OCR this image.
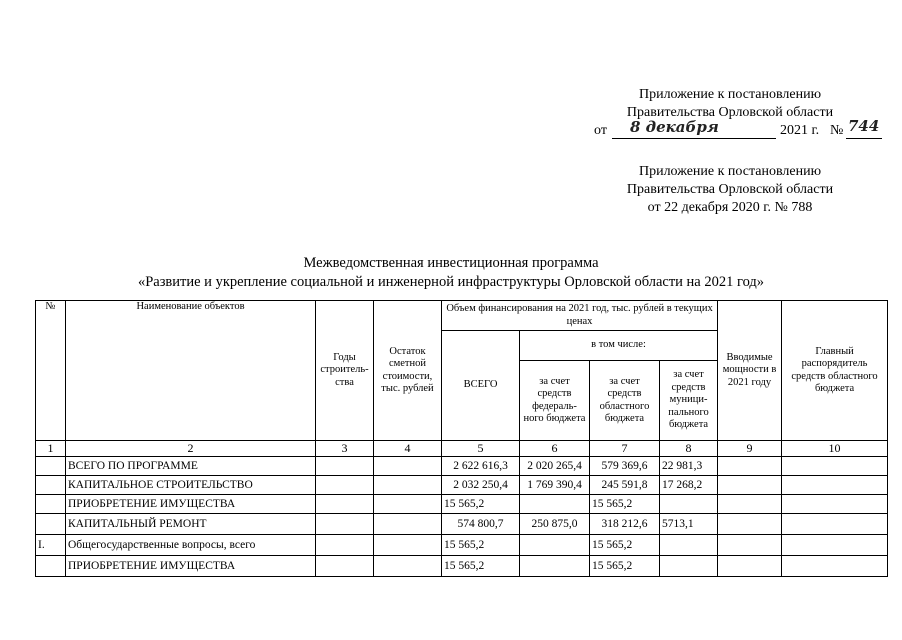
Приложение к постановлению
Правительства Орловской области
от 8 декабря	2021 г. № 744
Приложение к постановлению
Правительства Орловской области
от 22 декабря 2020 г. № 788
Межведомственная инвестиционная программа
«Развитие и укрепление социальной и инженерной инфраструктуры Орловской области на 2021 год»
№	Наименование объектов	Годы строитель-ства	Остаток сметной стоимости, тыс. рублей	Объем финансирования на 2021 год, тыс. рублей в текущих ценах				Вводимые мощности в 2021 году	Главный распорядитель средств областного бюджета
				ВСЕГО	в том числе:				
					за счет средств федераль-ного бюджета	за счет средств областного бюджета	за счет средств муници-пального бюджета		
1	2	3	4	5	6	7	8	9	10
	ВСЕГО ПО ПРОГРАММЕ			2 622 616,3	2 020 265,4	579 369,6	22 981,3		
	КАПИТАЛЬНОЕ СТРОИТЕЛЬСТВО			2 032 250,4	1 769 390,4	245 591,8	17 268,2		
	ПРИОБРЕТЕНИЕ ИМУЩЕСТВА			15 565,2		15 565,2			
	КАПИТАЛЬНЫЙ РЕМОНТ			574 800,7	250 875,0	318 212,6	5713,1		
I.	Общегосударственные вопросы, всего			15 565,2		15 565,2			
	ПРИОБРЕТЕНИЕ ИМУЩЕСТВА			15 565,2		15 565,2			
